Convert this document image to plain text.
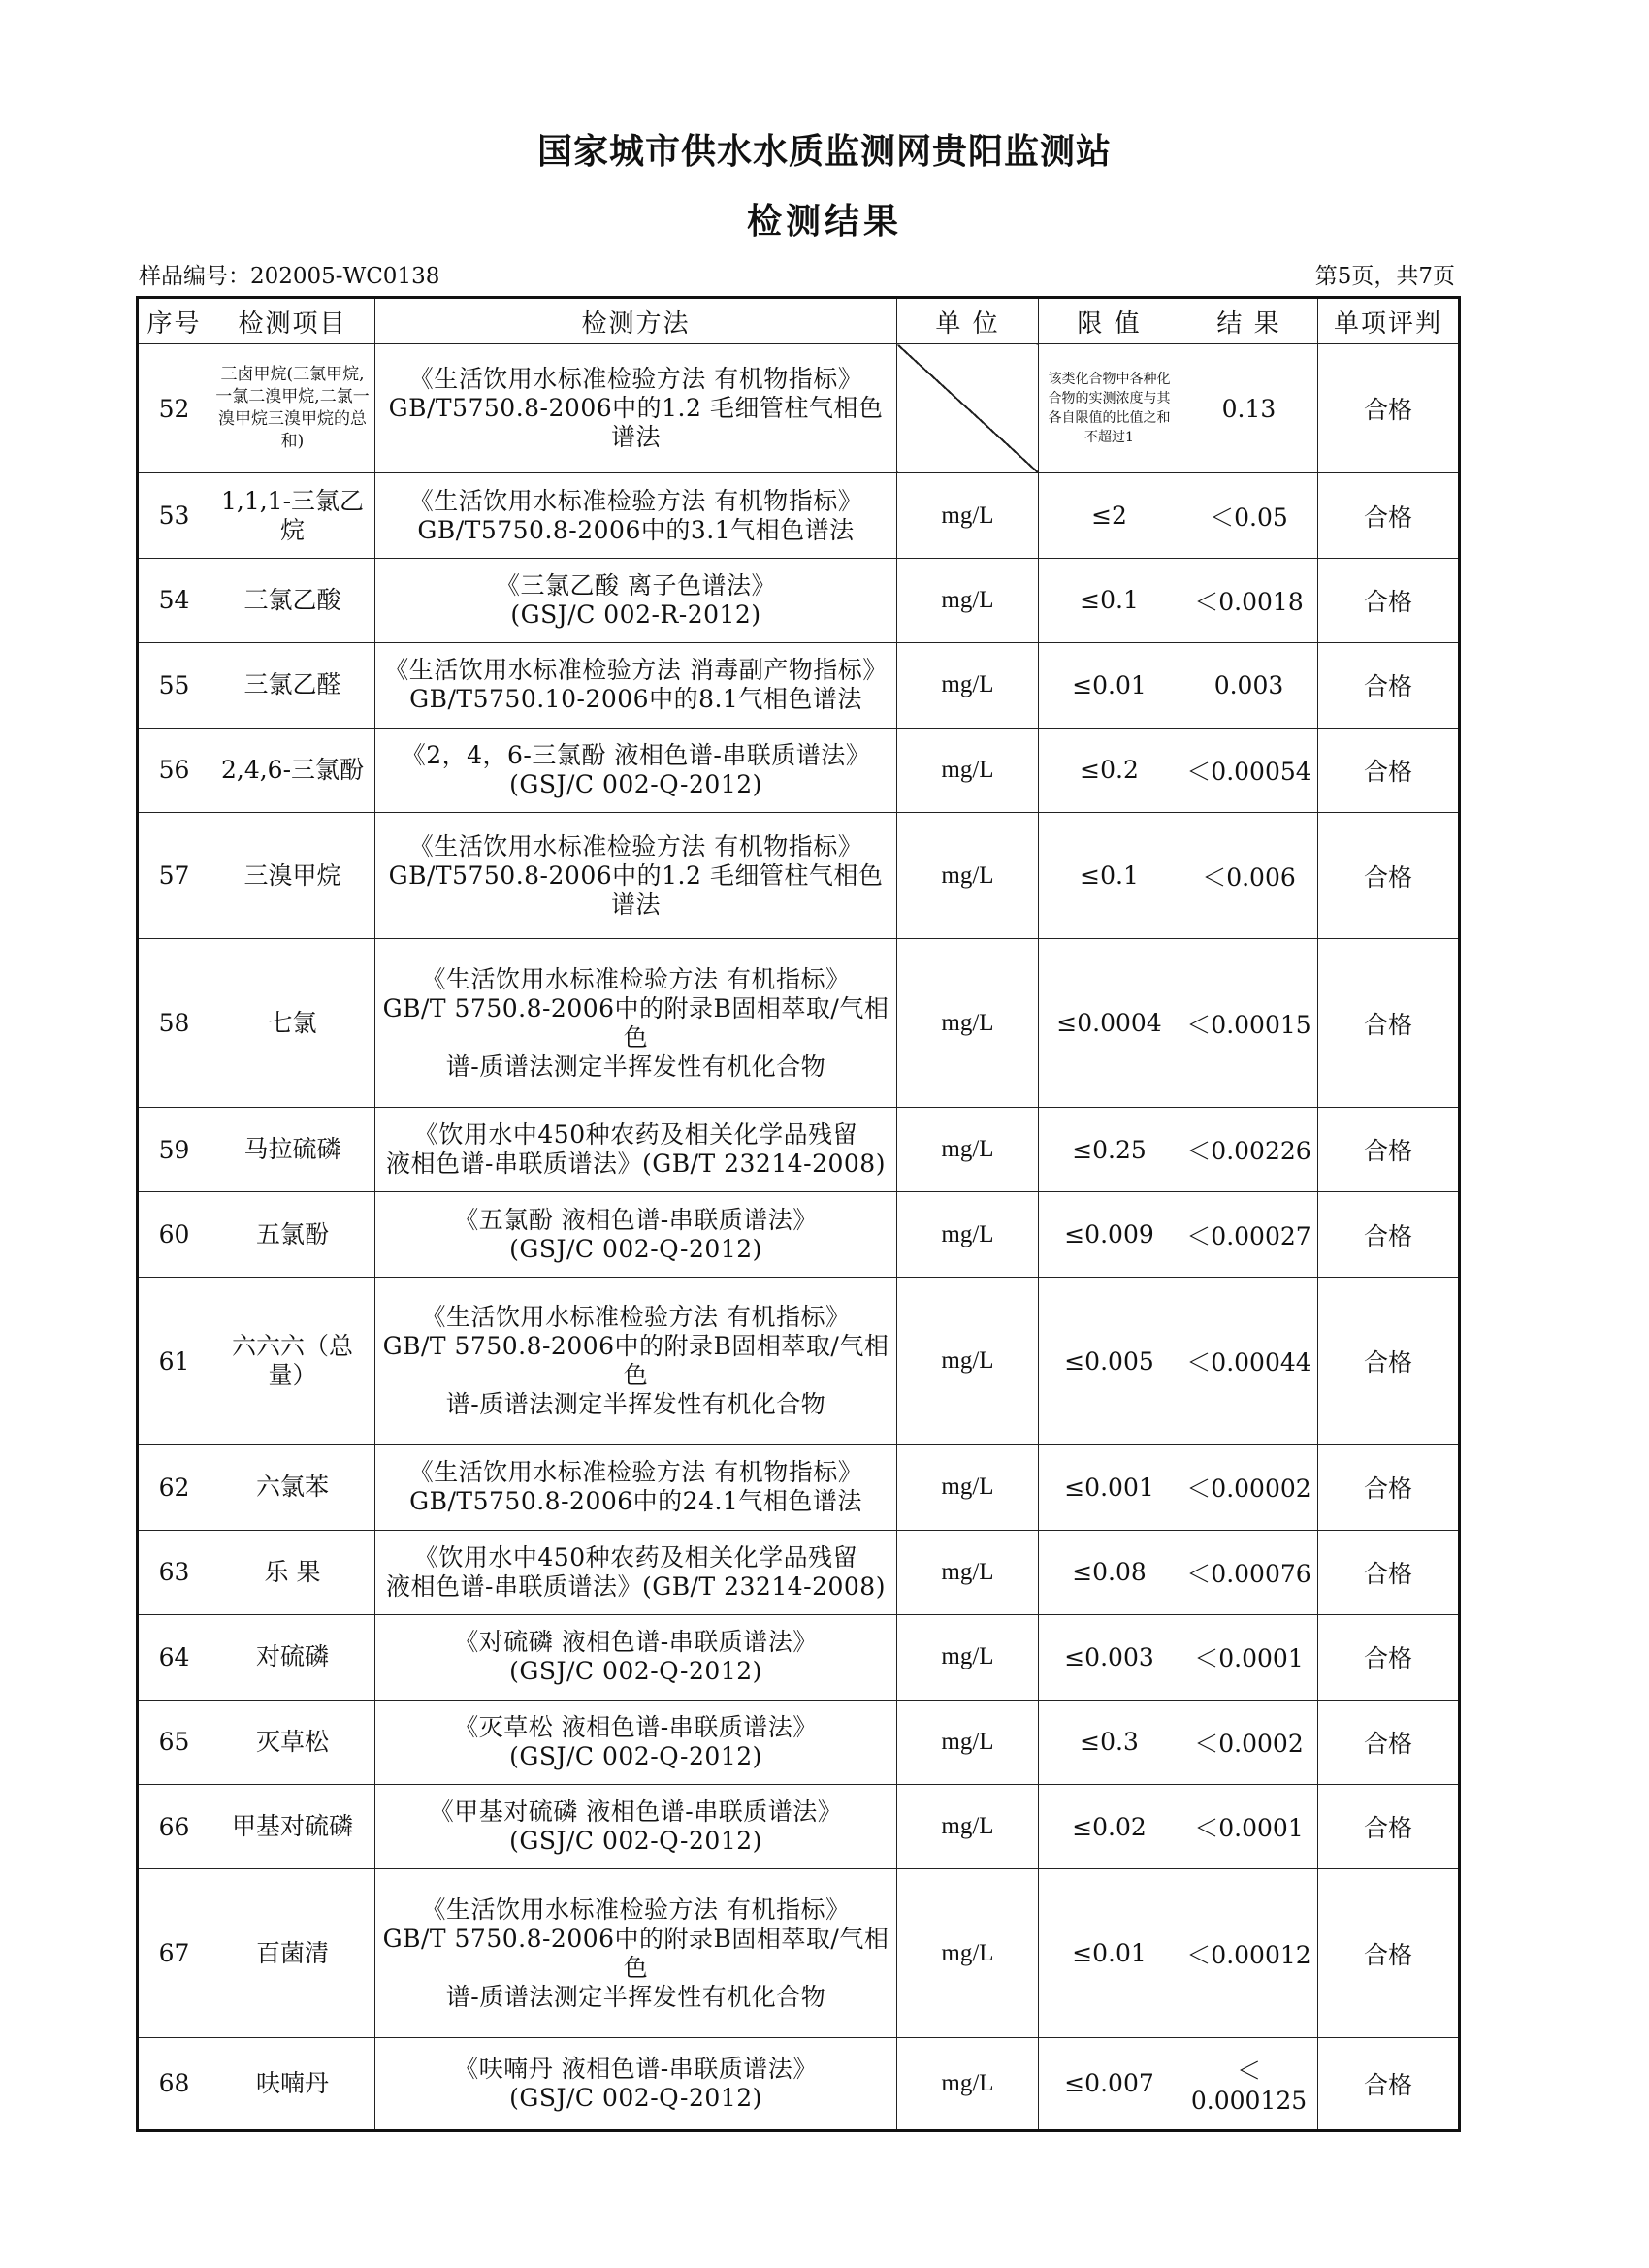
国家城市供水水质监测网贵阳监测站
检测结果
样品编号：202005-WC0138	第5页，共7页
序号	检测项目	检测方法	单 位	限 值	结 果	单项评判
52	三卤甲烷(三氯甲烷,一氯二溴甲烷,二氯一溴甲烷三溴甲烷的总和)	《生活饮用水标准检验方法 有机物指标》
GB/T5750.8-2006中的1.2 毛细管柱气相色谱法		该类化合物中各种化合物的实测浓度与其各自限值的比值之和不超过1	0.13	合格
53	1,1,1-三氯乙烷	《生活饮用水标准检验方法 有机物指标》
GB/T5750.8-2006中的3.1气相色谱法	mg/L	≤2	＜0.05	合格
54	三氯乙酸	《三氯乙酸 离子色谱法》
(GSJ/C 002-R-2012)	mg/L	≤0.1	＜0.0018	合格
55	三氯乙醛	《生活饮用水标准检验方法 消毒副产物指标》
GB/T5750.10-2006中的8.1气相色谱法	mg/L	≤0.01	0.003	合格
56	2,4,6-三氯酚	《2，4，6-三氯酚 液相色谱-串联质谱法》
(GSJ/C 002-Q-2012)	mg/L	≤0.2	＜0.00054	合格
57	三溴甲烷	《生活饮用水标准检验方法 有机物指标》
GB/T5750.8-2006中的1.2 毛细管柱气相色谱法	mg/L	≤0.1	＜0.006	合格
58	七氯	《生活饮用水标准检验方法 有机指标》
GB/T 5750.8-2006中的附录B固相萃取/气相色
谱-质谱法测定半挥发性有机化合物	mg/L	≤0.0004	＜0.00015	合格
59	马拉硫磷	《饮用水中450种农药及相关化学品残留
液相色谱-串联质谱法》(GB/T 23214-2008)	mg/L	≤0.25	＜0.00226	合格
60	五氯酚	《五氯酚 液相色谱-串联质谱法》
(GSJ/C 002-Q-2012)	mg/L	≤0.009	＜0.00027	合格
61	六六六（总量）	《生活饮用水标准检验方法 有机指标》
GB/T 5750.8-2006中的附录B固相萃取/气相色
谱-质谱法测定半挥发性有机化合物	mg/L	≤0.005	＜0.00044	合格
62	六氯苯	《生活饮用水标准检验方法 有机物指标》
GB/T5750.8-2006中的24.1气相色谱法	mg/L	≤0.001	＜0.00002	合格
63	乐 果	《饮用水中450种农药及相关化学品残留
液相色谱-串联质谱法》(GB/T 23214-2008)	mg/L	≤0.08	＜0.00076	合格
64	对硫磷	《对硫磷 液相色谱-串联质谱法》
(GSJ/C 002-Q-2012)	mg/L	≤0.003	＜0.0001	合格
65	灭草松	《灭草松 液相色谱-串联质谱法》
(GSJ/C 002-Q-2012)	mg/L	≤0.3	＜0.0002	合格
66	甲基对硫磷	《甲基对硫磷 液相色谱-串联质谱法》
(GSJ/C 002-Q-2012)	mg/L	≤0.02	＜0.0001	合格
67	百菌清	《生活饮用水标准检验方法 有机指标》
GB/T 5750.8-2006中的附录B固相萃取/气相色
谱-质谱法测定半挥发性有机化合物	mg/L	≤0.01	＜0.00012	合格
68	呋喃丹	《呋喃丹 液相色谱-串联质谱法》
(GSJ/C 002-Q-2012)	mg/L	≤0.007	＜0.000125	合格
